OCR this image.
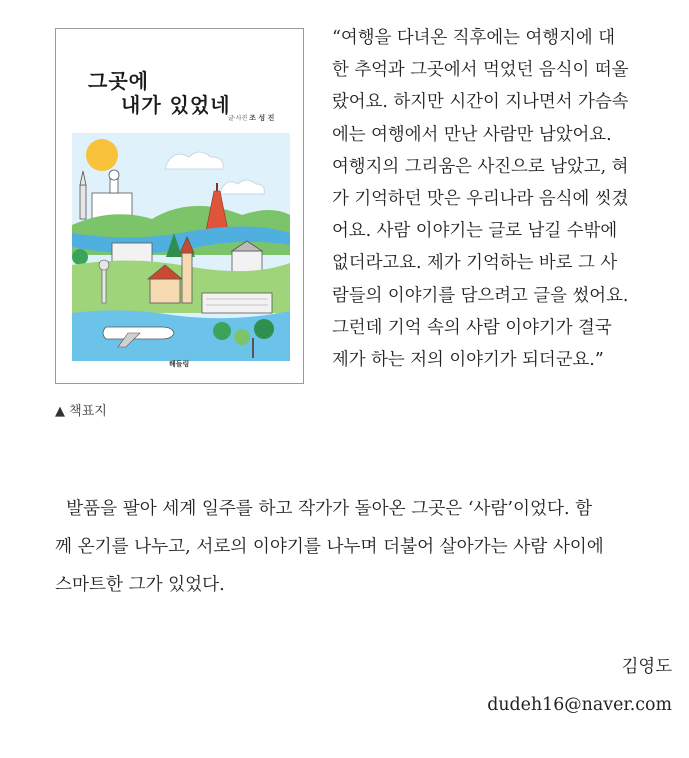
그곳에
내가 있었네
글·사진 조 성 진
해들링
▲ 책표지

“여행을 다녀온 직후에는 여행지에 대
한 추억과 그곳에서 먹었던 음식이 떠올
랐어요. 하지만 시간이 지나면서 가슴속
에는 여행에서 만난 사람만 남았어요.
여행지의 그리움은 사진으로 남았고, 혀
가 기억하던 맛은 우리나라 음식에 씻겼
어요. 사람 이야기는 글로 남길 수밖에
없더라고요. 제가 기억하는 바로 그 사
람들의 이야기를 담으려고 글을 썼어요.
그런데 기억 속의 사람 이야기가 결국
제가 하는 저의 이야기가 되더군요.”

발품을 팔아 세계 일주를 하고 작가가 돌아온 그곳은 ‘사람’이었다. 함
께 온기를 나누고, 서로의 이야기를 나누며 더불어 살아가는 사람 사이에
스마트한 그가 있었다.

김영도
dudeh16@naver.com
